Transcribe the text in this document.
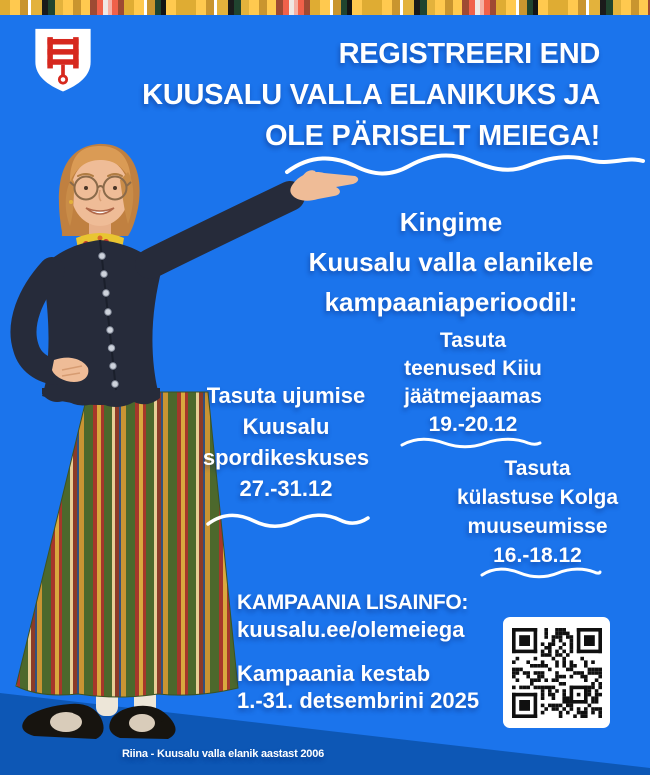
REGISTREERI END
KUUSALU VALLA ELANIKUKS JA
OLE PÄRISELT MEIEGA!
Kingime
Kuusalu valla elanikele
kampaaniaperioodil:
Tasuta ujumise
Kuusalu
spordikeskuses
27.-31.12
Tasuta
teenused Kiiu
jäätmejaamas
19.-20.12
Tasuta
külastuse Kolga
muuseumisse
16.-18.12

KAMPAANIA LISAINFO:

kuusalu.ee/olemeiega

Kampaania kestab

1.-31. detsembrini 2025

Riina - Kuusalu valla elanik aastast 2006
